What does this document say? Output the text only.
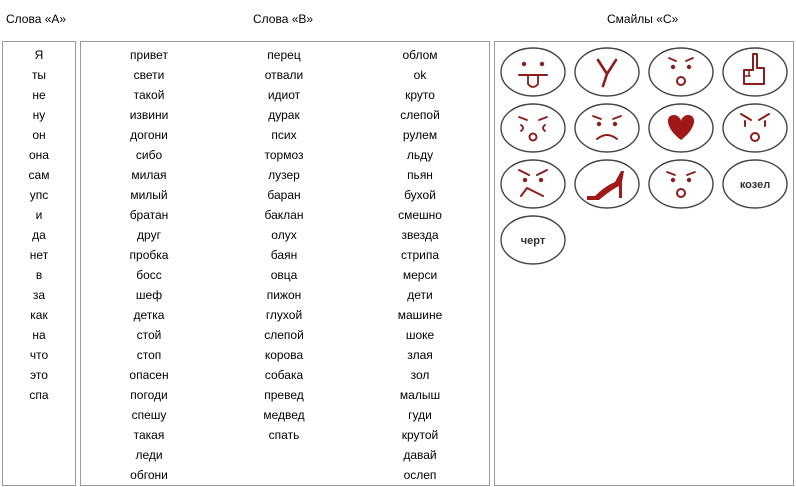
Слова «А»	Слова «В»	Смайлы «С»
козел
черт
Я
ты
не
ну
он
она
сам
упс
и
да
нет
в
за
как
на
что
это
спа
привет
свети
такой
извини
догони
сибо
милая
милый
братан
друг
пробка
босс
шеф
детка
стой
стоп
опасен
погоди
спешу
такая
леди
обгони
перец
отвали
идиот
дурак
псих
тормоз
лузер
баран
баклан
олух
баян
овца
пижон
глухой
слепой
корова
собака
превед
медвед
спать
облом
ok
круто
слепой
рулем
льду
пьян
бухой
смешно
звезда
стрипа
мерси
дети
машине
шоке
злая
зол
малыш
гуди
крутой
давай
ослеп
